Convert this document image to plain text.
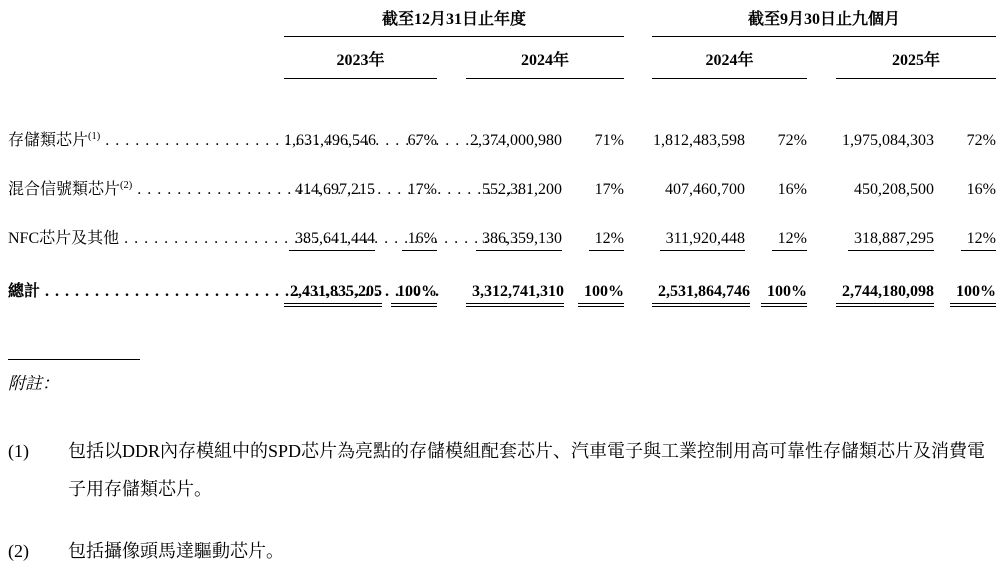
截至12月31日止年度	截至9月30日止九個月
2023年	2024年	2024年	2025年
存儲類芯片$^{(1)}$ . . .	1,631,496,546	67% 2,374,000,980	71% 1,812,483,598	72%	1,975,084,303	72%
混合信號類芯片$^{(2)}$ . . .	414,697,215	17%	552,381,200	17%	407,460,700	16%	450,208,500	16%
NFC芯片及其他 . . .	385,641,444	16%	386,359,130	12%	311,920,448	12%	318,887,295	12%
總計 . . .	2,431,835,205 100%	3,312,741,310	100%	2,531,864,746	100%	2,744,180,098	100%
附註：
(1)	包括以DDR內存模組中的SPD芯片為亮點的存儲模組配套芯片、汽車電子與工業控制用高可靠性存儲類芯片及消費電子用存儲類芯片。
(2)	包括攝像頭馬達驅動芯片。
